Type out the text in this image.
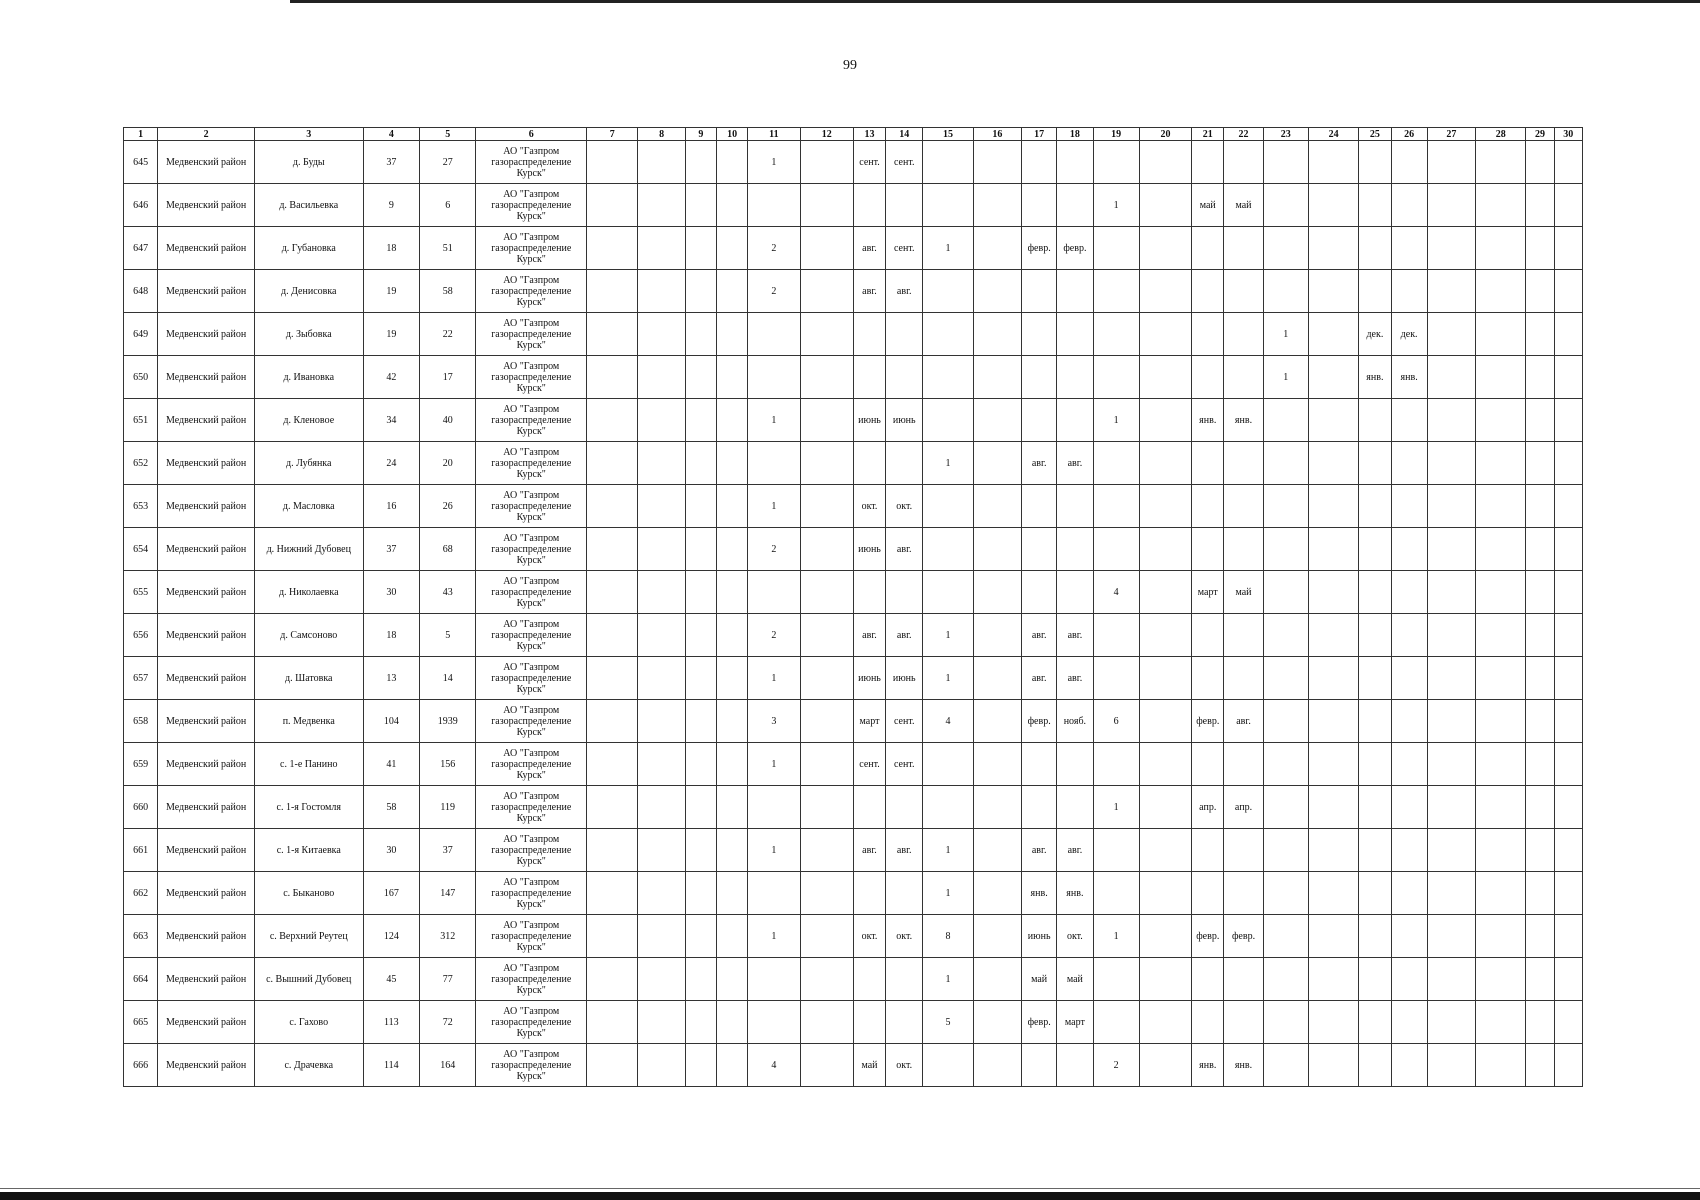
99
1	2	3	4	5	6	7	8	9	10	11	12	13	14	15	16	17	18	19	20	21	22	23	24	25	26	27	28	29	30
645	Медвенский район	д. Буды	37	27	АО "Газпром газораспределение Курск"					1		сент.	сент.																
646	Медвенский район	д. Васильевка	9	6	АО "Газпром газораспределение Курск"													1		май	май								
647	Медвенский район	д. Губановка	18	51	АО "Газпром газораспределение Курск"					2		авг.	сент.	1		февр.	февр.												
648	Медвенский район	д. Денисовка	19	58	АО "Газпром газораспределение Курск"					2		авг.	авг.																
649	Медвенский район	д. Зыбовка	19	22	АО "Газпром газораспределение Курск"																	1		дек.	дек.				
650	Медвенский район	д. Ивановка	42	17	АО "Газпром газораспределение Курск"																	1		янв.	янв.				
651	Медвенский район	д. Кленовое	34	40	АО "Газпром газораспределение Курск"					1		июнь	июнь					1		янв.	янв.								
652	Медвенский район	д. Лубянка	24	20	АО "Газпром газораспределение Курск"									1		авг.	авг.												
653	Медвенский район	д. Масловка	16	26	АО "Газпром газораспределение Курск"					1		окт.	окт.																
654	Медвенский район	д. Нижний Дубовец	37	68	АО "Газпром газораспределение Курск"					2		июнь	авг.																
655	Медвенский район	д. Николаевка	30	43	АО "Газпром газораспределение Курск"													4		март	май								
656	Медвенский район	д. Самсоново	18	5	АО "Газпром газораспределение Курск"					2		авг.	авг.	1		авг.	авг.												
657	Медвенский район	д. Шатовка	13	14	АО "Газпром газораспределение Курск"					1		июнь	июнь	1		авг.	авг.												
658	Медвенский район	п. Медвенка	104	1939	АО "Газпром газораспределение Курск"					3		март	сент.	4		февр.	нояб.	6		февр.	авг.								
659	Медвенский район	с. 1-е Панино	41	156	АО "Газпром газораспределение Курск"					1		сент.	сент.																
660	Медвенский район	с. 1-я Гостомля	58	119	АО "Газпром газораспределение Курск"													1		апр.	апр.								
661	Медвенский район	с. 1-я Китаевка	30	37	АО "Газпром газораспределение Курск"					1		авг.	авг.	1		авг.	авг.												
662	Медвенский район	с. Быканово	167	147	АО "Газпром газораспределение Курск"									1		янв.	янв.												
663	Медвенский район	с. Верхний Реутец	124	312	АО "Газпром газораспределение Курск"					1		окт.	окт.	8		июнь	окт.	1		февр.	февр.								
664	Медвенский район	с. Вышний Дубовец	45	77	АО "Газпром газораспределение Курск"									1		май	май												
665	Медвенский район	с. Гахово	113	72	АО "Газпром газораспределение Курск"									5		февр.	март												
666	Медвенский район	с. Драчевка	114	164	АО "Газпром газораспределение Курск"					4		май	окт.					2		янв.	янв.								
